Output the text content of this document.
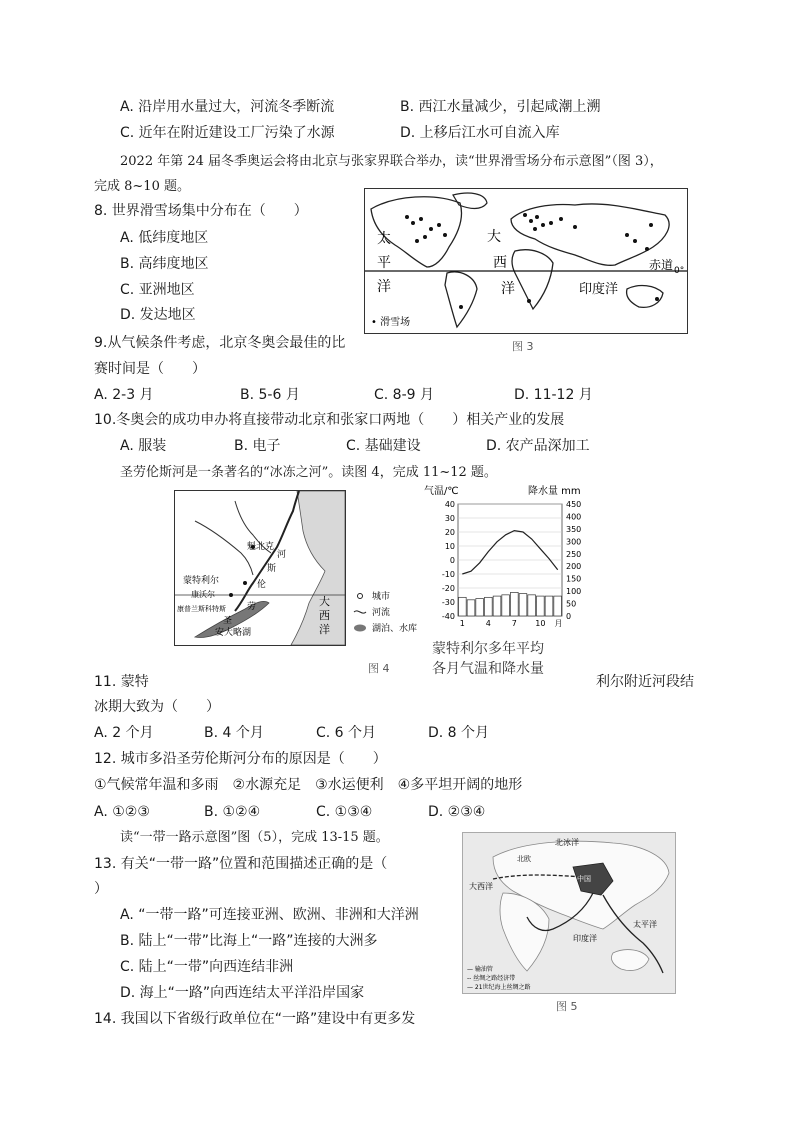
A. 沿岸用水量过大，河流冬季断流	B. 西江水量减少，引起咸潮上溯
C. 近年在附近建设工厂污染了水源	D. 上移后江水可自流入库
2022 年第 24 届冬季奥运会将由北京与张家界联合举办，读“世界滑雪场分布示意图”（图 3），
完成 8~10 题。
8. 世界滑雪场集中分布在（　　）
A. 低纬度地区
B. 高纬度地区
C. 亚洲地区
D. 发达地区
太
平
洋
大
西
洋	印度洋
赤道 0°
• 滑雪场
图 3
9.从气候条件考虑，北京冬奥会最佳的比
赛时间是（　　）
A. 2-3 月	B. 5-6 月	C. 8-9 月	D. 11-12 月
10.冬奥会的成功申办将直接带动北京和张家口两地（　　）相关产业的发展
A. 服装	B. 电子	C. 基础建设	D. 农产品深加工
圣劳伦斯河是一条著名的“冰冻之河”。读图 4，完成 11~12 题。
魁北克
河
斯
伦
劳
蒙特利尔
康沃尔
康普兰斯科特斯
圣
安大略湖
大
西
洋
城市
河流
湖泊、水库
气温/℃	降水量 mm
40
30
20
10
0
-10
-20
-30
-40
450
400
350
300
250
200
150
100
50
0
1	4	7 10 月
蒙特利尔多年平均
各月气温和降水量
图 4
11. 蒙特	利尔附近河段结
冰期大致为（　　）
A. 2 个月	B. 4 个月	C. 6 个月	D. 8 个月
12. 城市多沿圣劳伦斯河分布的原因是（　　）
①气候常年温和多雨　②水源充足　③水运便利　④多平坦开阔的地形
A. ①②③	B. ①②④	C. ①③④	D. ②③④
读“一带一路示意图”图（5），完成 13-15 题。
13. 有关“一带一路”位置和范围描述正确的是（
）
A. “一带一路”可连接亚洲、欧洲、非洲和大洋洲
B. 陆上“一带”比海上“一路”连接的大洲多
C. 陆上“一带”向西连结非洲
D. 海上“一路”向西连结太平洋沿岸国家
北冰洋
北欧
大西洋
太平洋
印度洋
中国
— 输油管
-- 丝绸之路经济带
— 21世纪海上丝绸之路
图 5
14. 我国以下省级行政单位在“一路”建设中有更多发
